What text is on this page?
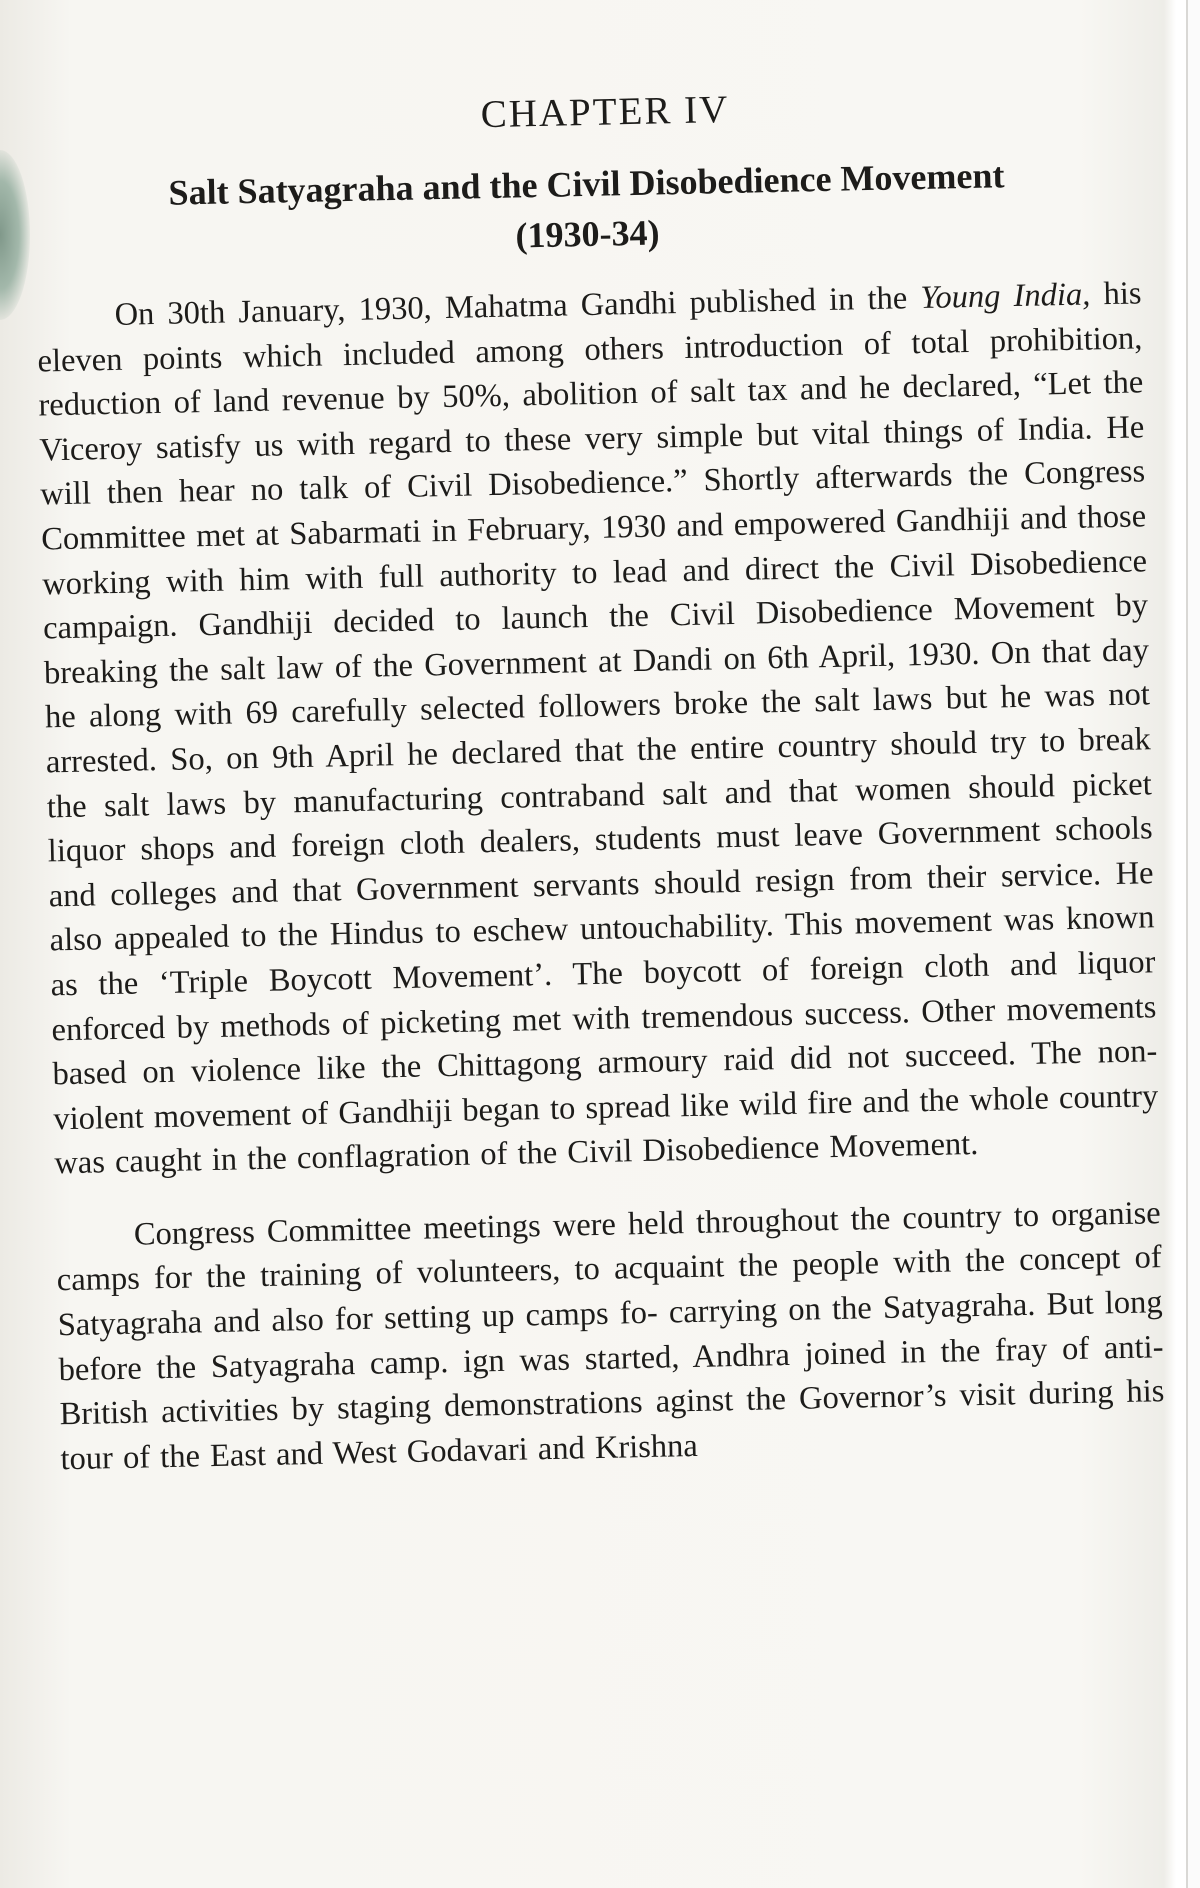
CHAPTER IV
Salt Satyagraha and the Civil Disobedience Movement (1930-34)

On 30th January, 1930, Mahatma Gandhi published in the Young India, his eleven points which included among others introduction of total prohibition, reduction of land revenue by 50%, abolition of salt tax and he declared, “Let the Viceroy satisfy us with regard to these very simple but vital things of India. He will then hear no talk of Civil Disobedience.” Shortly afterwards the Congress Committee met at Sabarmati in February, 1930 and empowered Gandhiji and those working with him with full authority to lead and direct the Civil Disobedience campaign. Gandhiji decided to launch the Civil Disobedience Movement by breaking the salt law of the Government at Dandi on 6th April, 1930. On that day he along with 69 carefully selected followers broke the salt laws but he was not arrested. So, on 9th April he declared that the entire country should try to break the salt laws by manufacturing contraband salt and that women should picket liquor shops and foreign cloth dealers, students must leave Government schools and colleges and that Government servants should resign from their service. He also appealed to the Hindus to eschew untouchability. This movement was known as the ‘Triple Boycott Movement’. The boycott of foreign cloth and liquor enforced by methods of picketing met with tremendous success. Other movements based on violence like the Chittagong armoury raid did not succeed. The non-violent movement of Gandhiji began to spread like wild fire and the whole country was caught in the conflagration of the Civil Disobedience Movement.

Congress Committee meetings were held throughout the country to organise camps for the training of volunteers, to acquaint the people with the concept of Satyagraha and also for setting up camps fo- carrying on the Satyagraha. But long before the Satyagraha camp. ign was started, Andhra joined in the fray of anti-British activities by staging demonstrations aginst the Governor’s visit during his tour of the East and West Godavari and Krishna
